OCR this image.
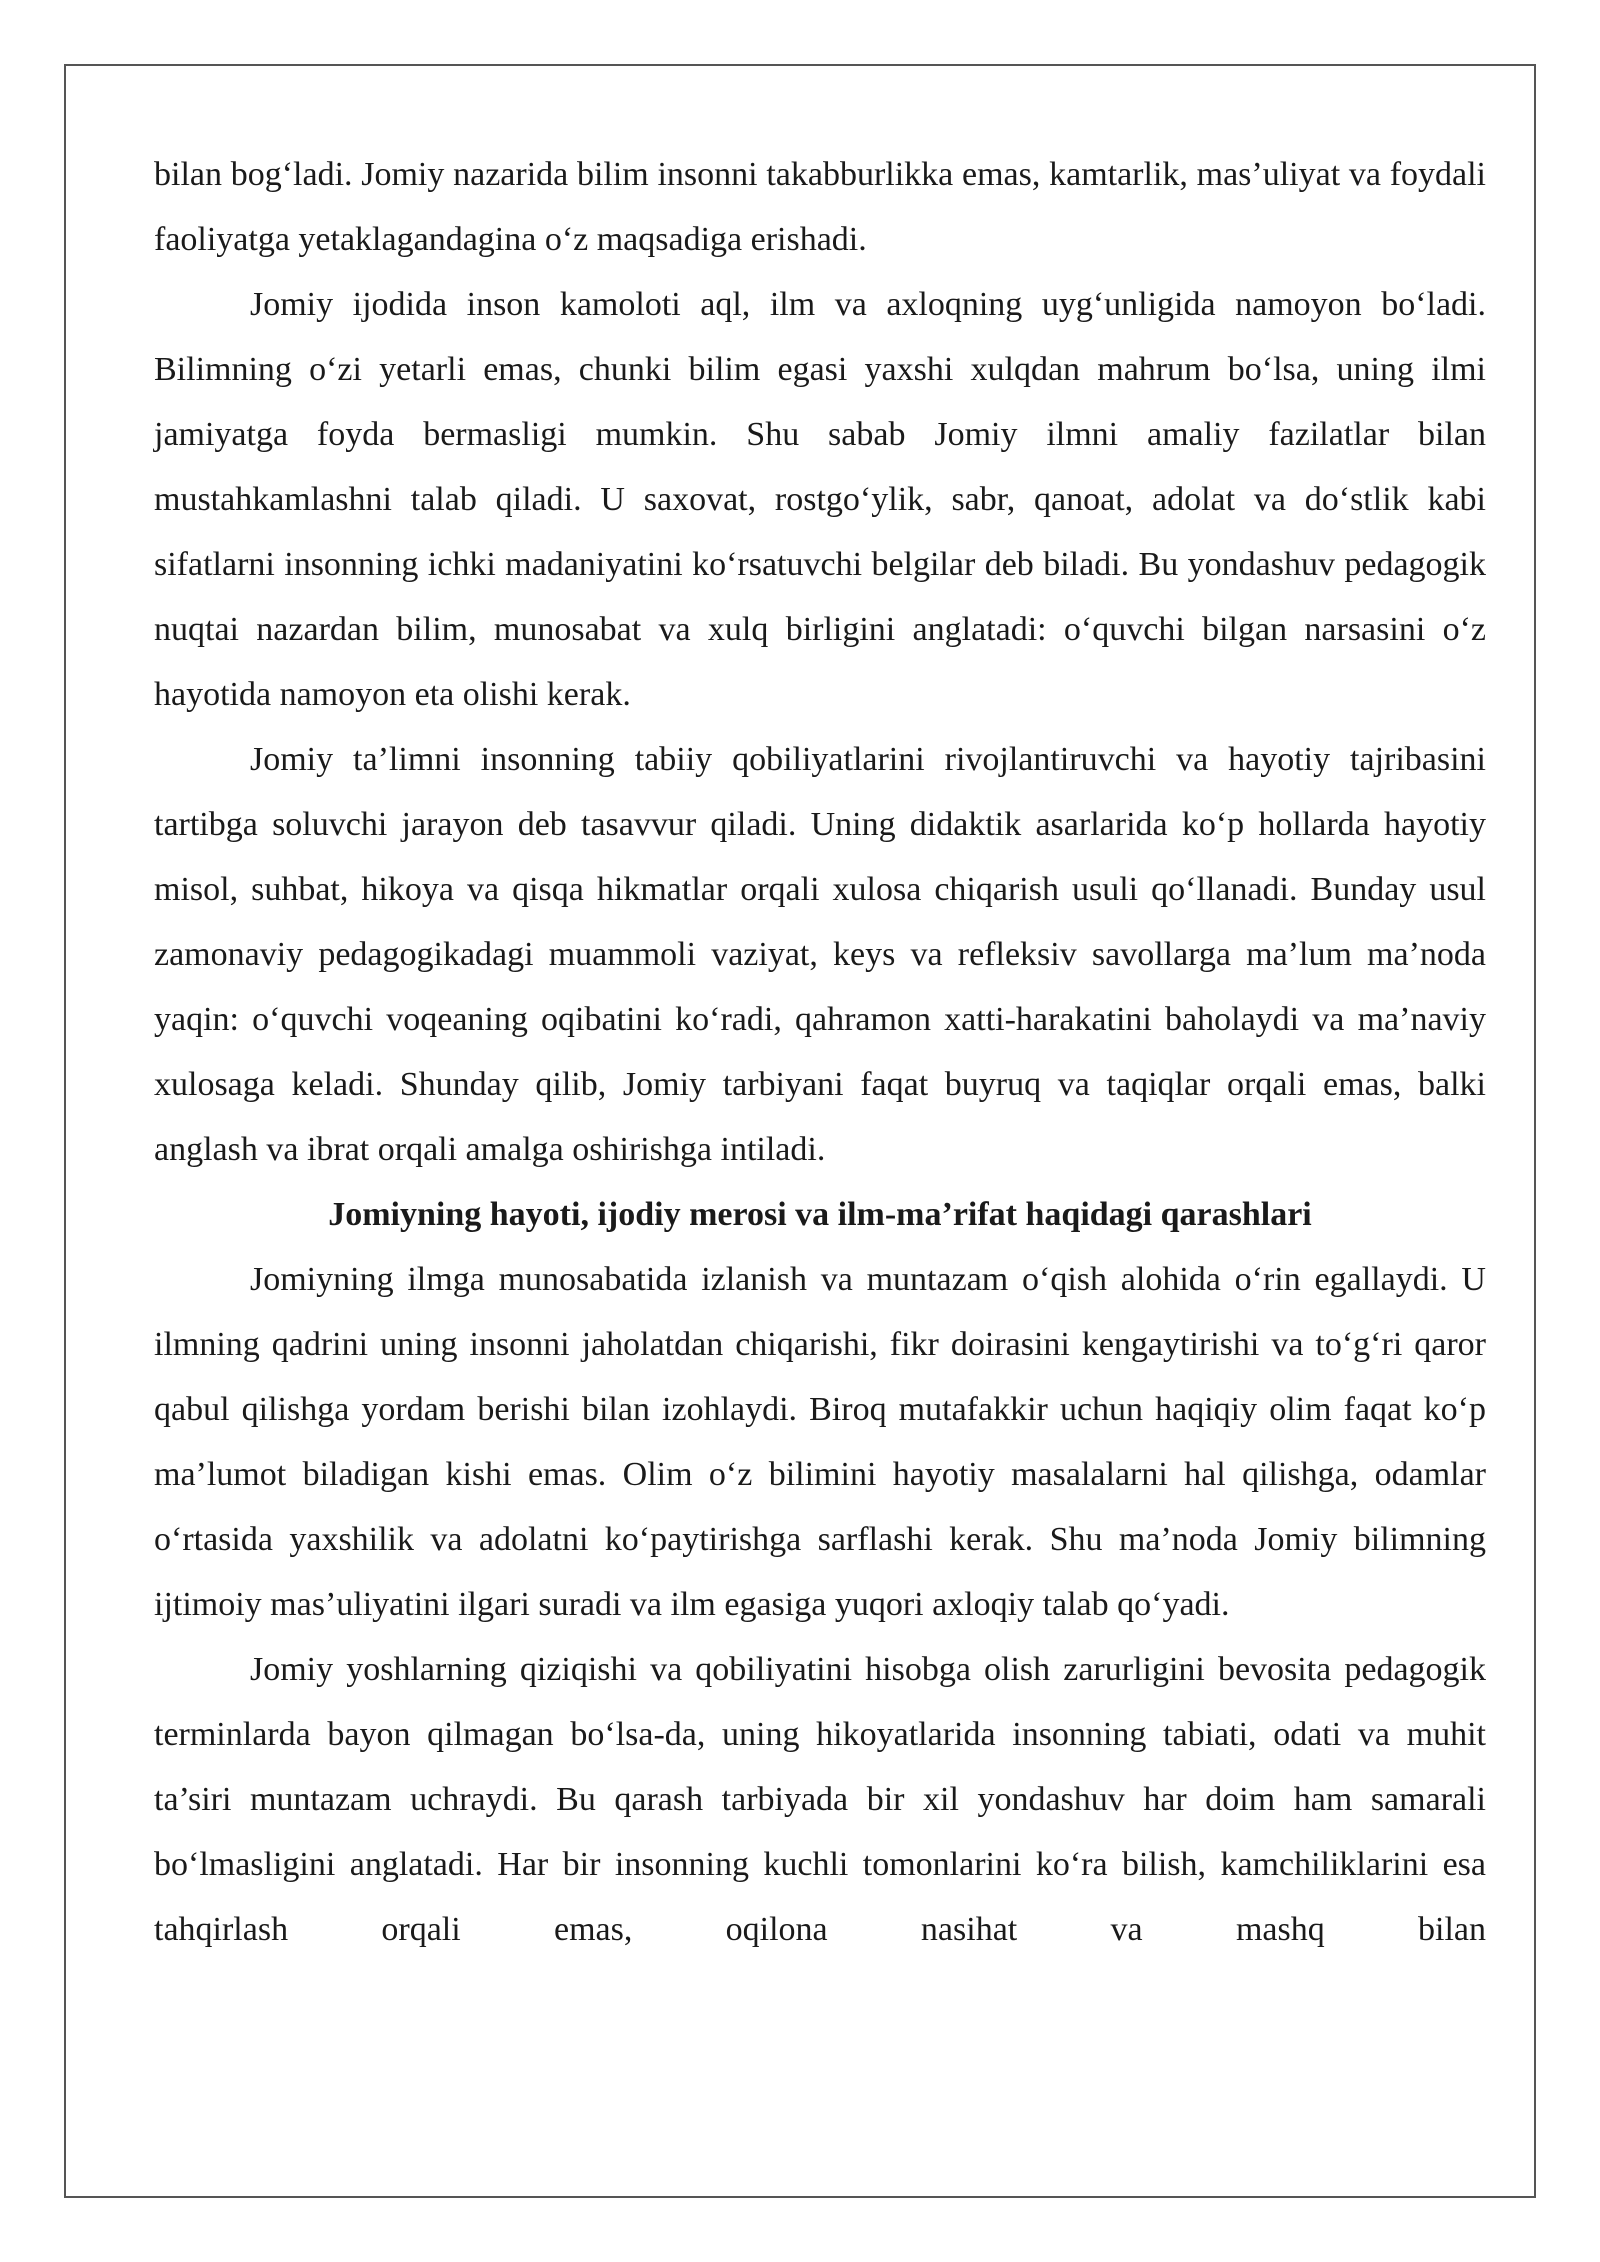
bilan bog‘ladi. Jomiy nazarida bilim insonni takabburlikka emas, kamtarlik, mas’uliyat va foydali faoliyatga yetaklagandagina o‘z maqsadiga erishadi.

Jomiy ijodida inson kamoloti aql, ilm va axloqning uyg‘unligida namoyon bo‘ladi. Bilimning o‘zi yetarli emas, chunki bilim egasi yaxshi xulqdan mahrum bo‘lsa, uning ilmi jamiyatga foyda bermasligi mumkin. Shu sabab Jomiy ilmni amaliy fazilatlar bilan mustahkamlashni talab qiladi. U saxovat, rostgo‘ylik, sabr, qanoat, adolat va do‘stlik kabi sifatlarni insonning ichki madaniyatini ko‘rsatuvchi belgilar deb biladi. Bu yondashuv pedagogik nuqtai nazardan bilim, munosabat va xulq birligini anglatadi: o‘quvchi bilgan narsasini o‘z hayotida namoyon eta olishi kerak.

Jomiy ta’limni insonning tabiiy qobiliyatlarini rivojlantiruvchi va hayotiy tajribasini tartibga soluvchi jarayon deb tasavvur qiladi. Uning didaktik asarlarida ko‘p hollarda hayotiy misol, suhbat, hikoya va qisqa hikmatlar orqali xulosa chiqarish usuli qo‘llanadi. Bunday usul zamonaviy pedagogikadagi muammoli vaziyat, keys va refleksiv savollarga ma’lum ma’noda yaqin: o‘quvchi voqeaning oqibatini ko‘radi, qahramon xatti-harakatini baholaydi va ma’naviy xulosaga keladi. Shunday qilib, Jomiy tarbiyani faqat buyruq va taqiqlar orqali emas, balki anglash va ibrat orqali amalga oshirishga intiladi.

Jomiyning hayoti, ijodiy merosi va ilm-ma’rifat haqidagi qarashlari

Jomiyning ilmga munosabatida izlanish va muntazam o‘qish alohida o‘rin egallaydi. U ilmning qadrini uning insonni jaholatdan chiqarishi, fikr doirasini kengaytirishi va to‘g‘ri qaror qabul qilishga yordam berishi bilan izohlaydi. Biroq mutafakkir uchun haqiqiy olim faqat ko‘p ma’lumot biladigan kishi emas. Olim o‘z bilimini hayotiy masalalarni hal qilishga, odamlar o‘rtasida yaxshilik va adolatni ko‘paytirishga sarflashi kerak. Shu ma’noda Jomiy bilimning ijtimoiy mas’uliyatini ilgari suradi va ilm egasiga yuqori axloqiy talab qo‘yadi.

Jomiy yoshlarning qiziqishi va qobiliyatini hisobga olish zarurligini bevosita pedagogik terminlarda bayon qilmagan bo‘lsa-da, uning hikoyatlarida insonning tabiati, odati va muhit ta’siri muntazam uchraydi. Bu qarash tarbiyada bir xil yondashuv har doim ham samarali bo‘lmasligini anglatadi. Har bir insonning kuchli tomonlarini ko‘ra bilish, kamchiliklarini esa tahqirlash orqali emas, oqilona nasihat va mashq bilan
